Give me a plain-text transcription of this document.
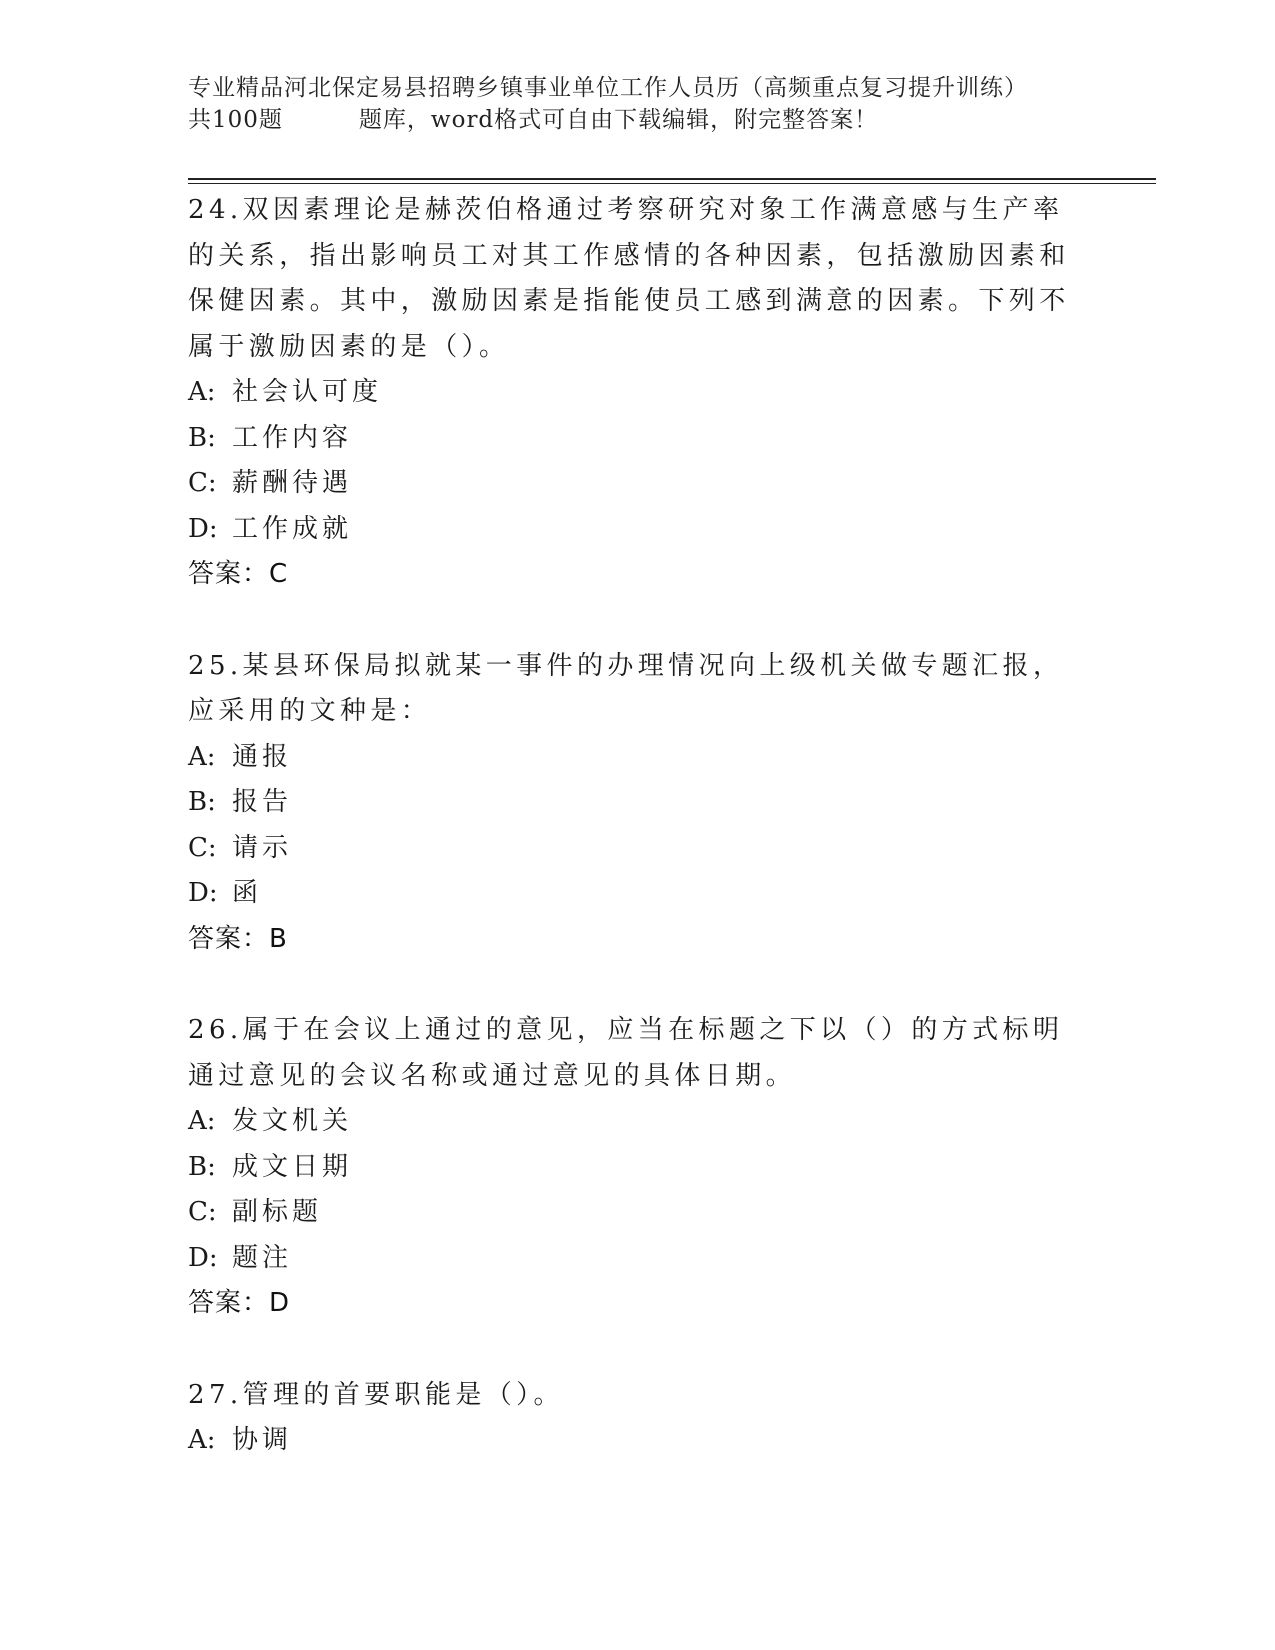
专业精品河北保定易县招聘乡镇事业单位工作人员历（高频重点复习提升训练）
共100题	题库，word格式可自由下载编辑，附完整答案！

24.双因素理论是赫茨伯格通过考察研究对象工作满意感与生产率的关系，指出影响员工对其工作感情的各种因素，包括激励因素和保健因素。其中，激励因素是指能使员工感到满意的因素。下列不属于激励因素的是（）。

A: 社会认可度

B: 工作内容

C: 薪酬待遇

D: 工作成就

答案：C

25.某县环保局拟就某一事件的办理情况向上级机关做专题汇报，应采用的文种是：

A: 通报

B: 报告

C: 请示

D: 函

答案：B

26.属于在会议上通过的意见，应当在标题之下以（）的方式标明通过意见的会议名称或通过意见的具体日期。

A: 发文机关

B: 成文日期

C: 副标题

D: 题注

答案：D

27.管理的首要职能是（）。

A: 协调
